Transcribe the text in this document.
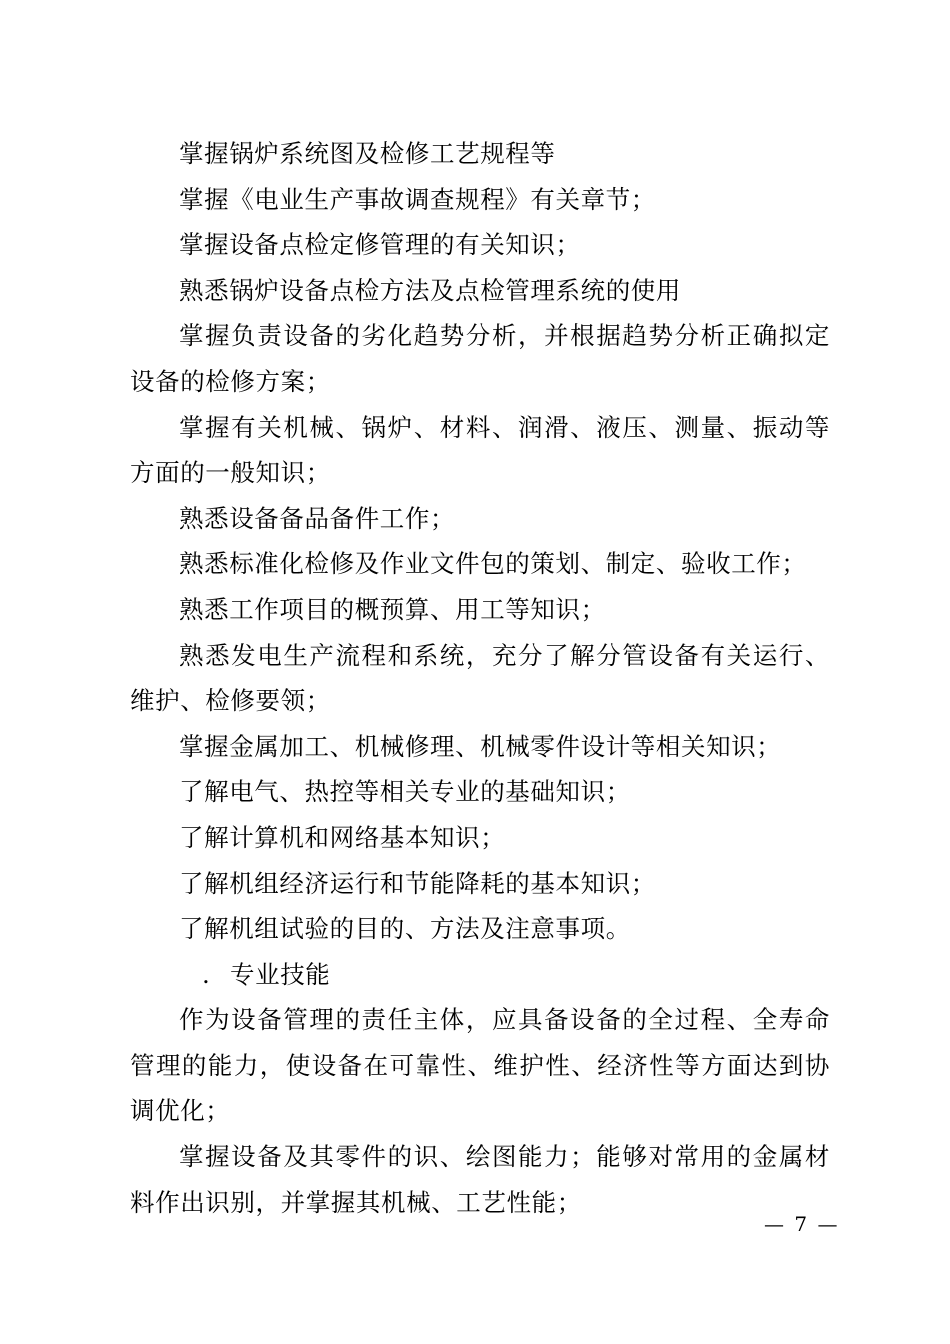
掌握锅炉系统图及检修工艺规程等

掌握《电业生产事故调查规程》有关章节；

掌握设备点检定修管理的有关知识；

熟悉锅炉设备点检方法及点检管理系统的使用

掌握负责设备的劣化趋势分析，并根据趋势分析正确拟定设备的检修方案；

掌握有关机械、锅炉、材料、润滑、液压、测量、振动等方面的一般知识；

熟悉设备备品备件工作；

熟悉标准化检修及作业文件包的策划、制定、验收工作；

熟悉工作项目的概预算、用工等知识；

熟悉发电生产流程和系统，充分了解分管设备有关运行、维护、检修要领；

掌握金属加工、机械修理、机械零件设计等相关知识；

了解电气、热控等相关专业的基础知识；

了解计算机和网络基本知识；

了解机组经济运行和节能降耗的基本知识；

了解机组试验的目的、方法及注意事项。

. 专业技能

作为设备管理的责任主体，应具备设备的全过程、全寿命管理的能力，使设备在可靠性、维护性、经济性等方面达到协调优化；

掌握设备及其零件的识、绘图能力；能够对常用的金属材料作出识别，并掌握其机械、工艺性能；

— 7 —
